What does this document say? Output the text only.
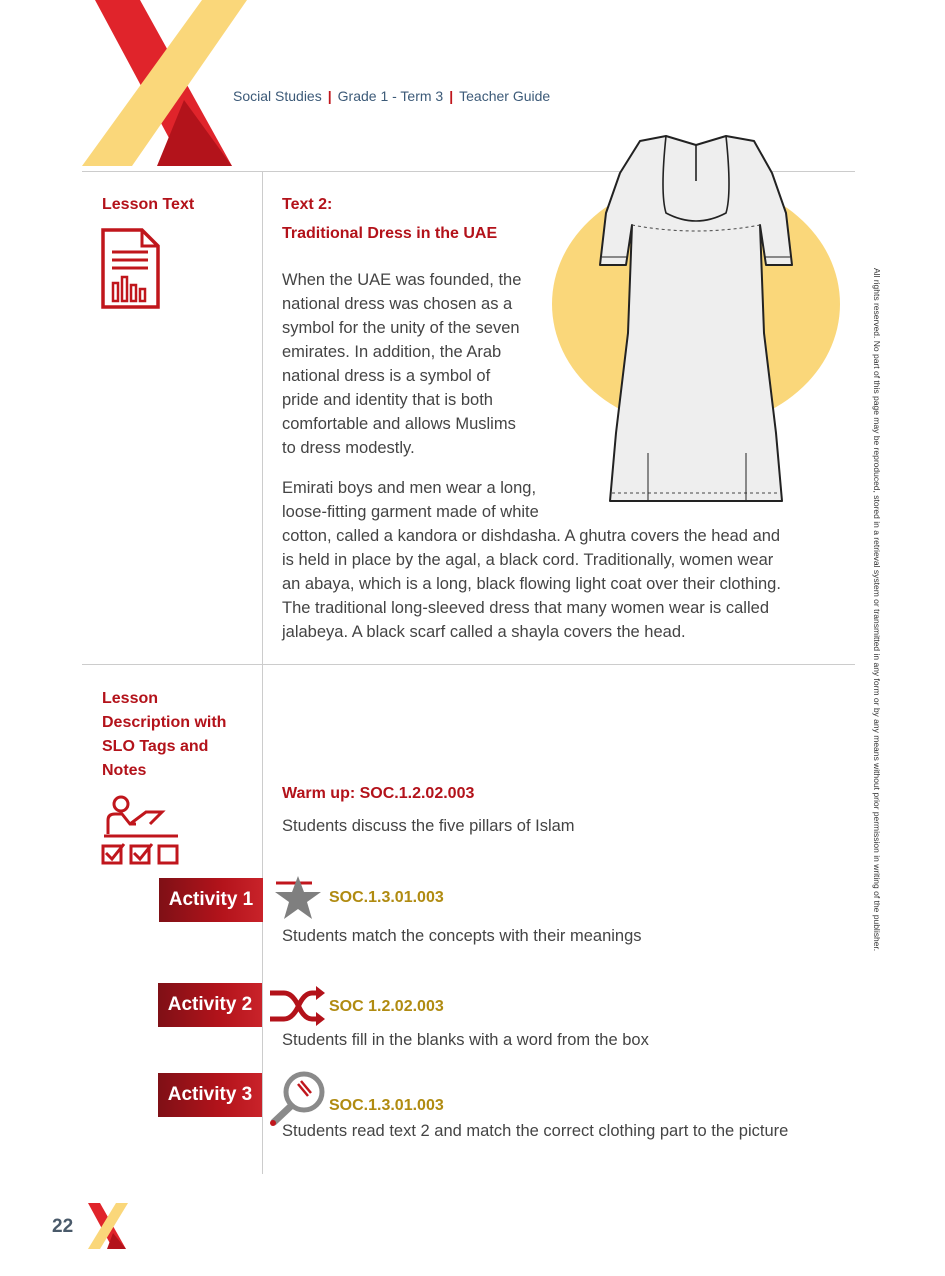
Social Studies | Grade 1 - Term 3 | Teacher Guide
Lesson Text	Text 2:
Traditional Dress in the UAE
When the UAE was founded, the
national dress was chosen as a
symbol for the unity of the seven
emirates. In addition, the Arab
national dress is a symbol of
pride and identity that is both
comfortable and allows Muslims
to dress modestly.
Emirati boys and men wear a long,
loose-fitting garment made of white
cotton, called a kandora or dishdasha. A ghutra covers the head and
is held in place by the agal, a black cord. Traditionally, women wear
an abaya, which is a long, black flowing light coat over their clothing.
The traditional long-sleeved dress that many women wear is called
jalabeya. A black scarf called a shayla covers the head.
Lesson
Description with
SLO Tags and
Notes
Warm up: SOC.1.2.02.003
Students discuss the five pillars of Islam
Activity 1	SOC.1.3.01.003
Students match the concepts with their meanings
Activity 2	SOC 1.2.02.003
Students fill in the blanks with a word from the box
Activity 3
SOC.1.3.01.003
Students read text 2 and match the correct clothing part to the picture
All rights reserved. No part of this page may be reproduced, stored in a retrieval system or transmitted in any form or by any means without prior permission in writing of the publisher.
22
